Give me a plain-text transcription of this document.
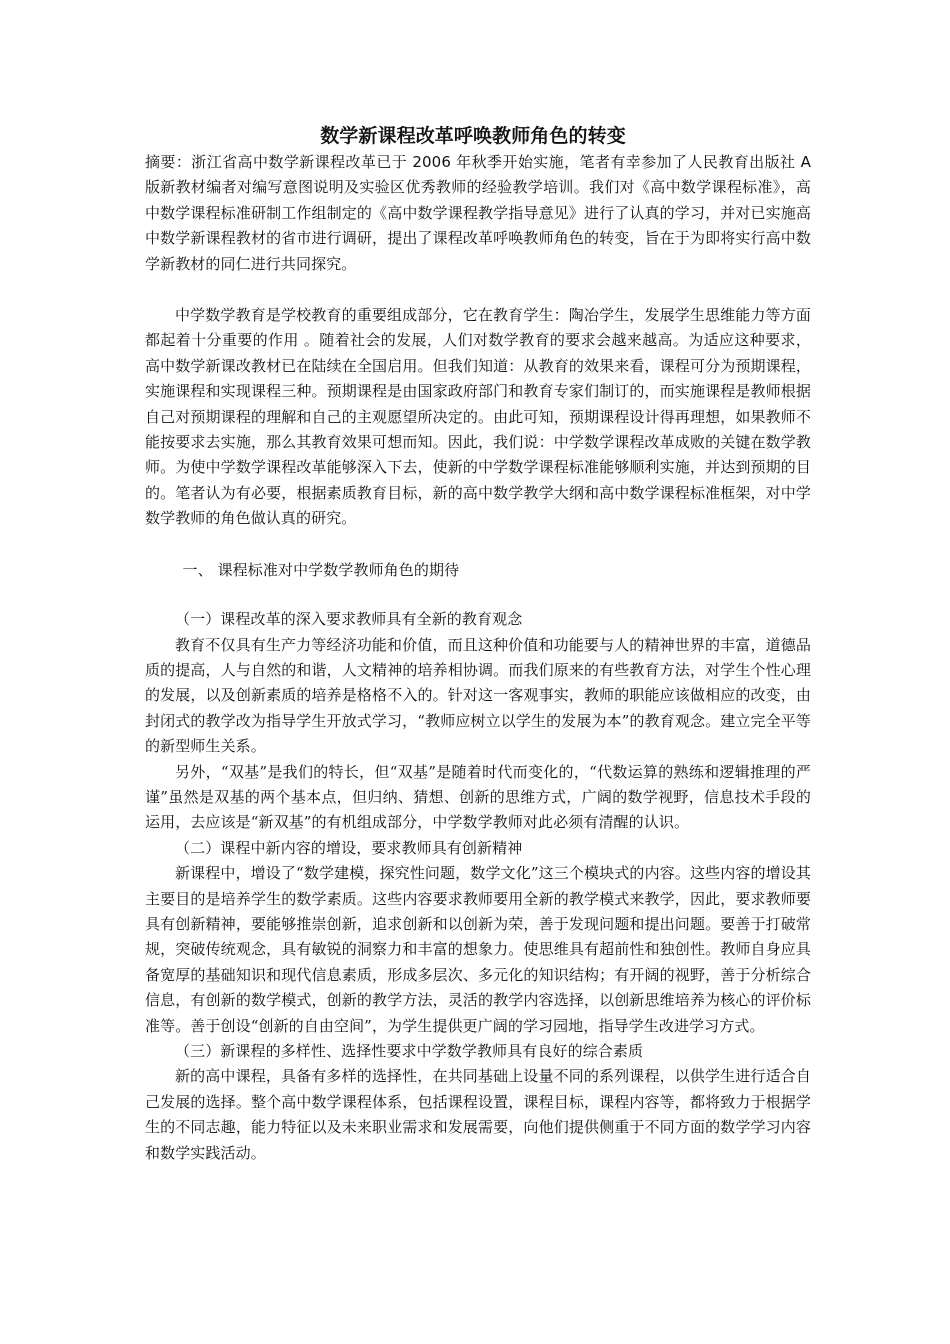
数学新课程改革呼唤教师角色的转变
摘要：浙江省高中数学新课程改革已于 2006 年秋季开始实施，笔者有幸参加了人民教育出版社 A 版新教材编者对编写意图说明及实验区优秀教师的经验教学培训。我们对《高中数学课程标准》，高中数学课程标准研制工作组制定的《高中数学课程教学指导意见》进行了认真的学习，并对已实施高中数学新课程教材的省市进行调研，提出了课程改革呼唤教师角色的转变，旨在于为即将实行高中数学新教材的同仁进行共同探究。

中学数学教育是学校教育的重要组成部分，它在教育学生：陶冶学生，发展学生思维能力等方面都起着十分重要的作用 。随着社会的发展，人们对数学教育的要求会越来越高。为适应这种要求，高中数学新课改教材已在陆续在全国启用。但我们知道：从教育的效果来看，课程可分为预期课程，实施课程和实现课程三种。预期课程是由国家政府部门和教育专家们制订的，而实施课程是教师根据自己对预期课程的理解和自己的主观愿望所决定的。由此可知，预期课程设计得再理想，如果教师不能按要求去实施，那么其教育效果可想而知。因此，我们说：中学数学课程改革成败的关键在数学教师。为使中学数学课程改革能够深入下去，使新的中学数学课程标准能够顺利实施，并达到预期的目的。笔者认为有必要，根据素质教育目标，新的高中数学教学大纲和高中数学课程标准框架，对中学数学教师的角色做认真的研究。

一、 课程标准对中学数学教师角色的期待
（一）课程改革的深入要求教师具有全新的教育观念

教育不仅具有生产力等经济功能和价值，而且这种价值和功能要与人的精神世界的丰富，道德品质的提高，人与自然的和谐，人文精神的培养相协调。而我们原来的有些教育方法，对学生个性心理的发展，以及创新素质的培养是格格不入的。针对这一客观事实，教师的职能应该做相应的改变，由封闭式的教学改为指导学生开放式学习，“教师应树立以学生的发展为本”的教育观念。建立完全平等的新型师生关系。

另外，“双基”是我们的特长，但“双基”是随着时代而变化的，“代数运算的熟练和逻辑推理的严谨”虽然是双基的两个基本点，但归纳、猜想、创新的思维方式，广阔的数学视野，信息技术手段的运用，去应该是“新双基”的有机组成部分，中学数学教师对此必须有清醒的认识。

（二）课程中新内容的增设，要求教师具有创新精神

新课程中，增设了“数学建模，探究性问题，数学文化”这三个模块式的内容。这些内容的增设其主要目的是培养学生的数学素质。这些内容要求教师要用全新的教学模式来教学，因此，要求教师要具有创新精神，要能够推崇创新，追求创新和以创新为荣，善于发现问题和提出问题。要善于打破常规，突破传统观念，具有敏锐的洞察力和丰富的想象力。使思维具有超前性和独创性。教师自身应具备宽厚的基础知识和现代信息素质，形成多层次、多元化的知识结构；有开阔的视野，善于分析综合信息，有创新的数学模式，创新的教学方法，灵活的教学内容选择，以创新思维培养为核心的评价标准等。善于创设“创新的自由空间”，为学生提供更广阔的学习园地，指导学生改进学习方式。

（三）新课程的多样性、选择性要求中学数学教师具有良好的综合素质

新的高中课程，具备有多样的选择性，在共同基础上设量不同的系列课程，以供学生进行适合自己发展的选择。整个高中数学课程体系，包括课程设置，课程目标，课程内容等，都将致力于根据学生的不同志趣，能力特征以及未来职业需求和发展需要，向他们提供侧重于不同方面的数学学习内容和数学实践活动。
